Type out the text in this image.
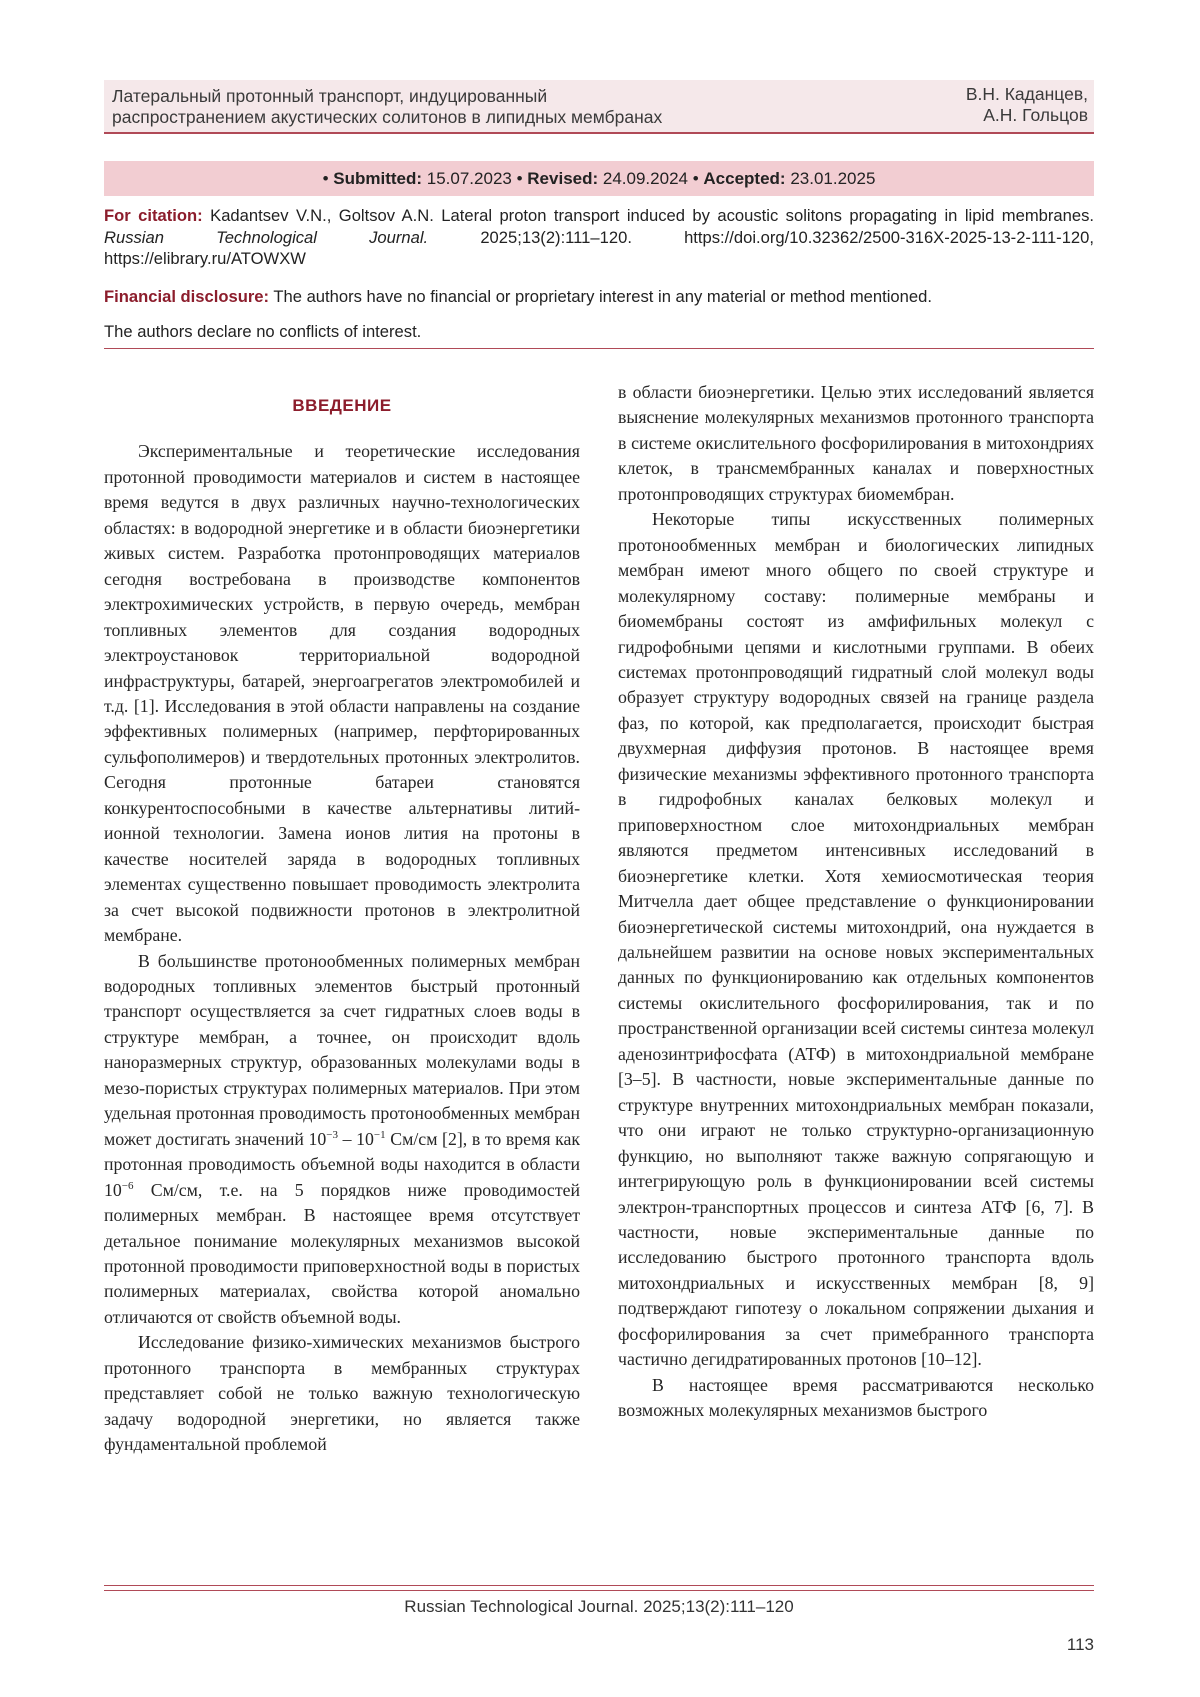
Латеральный протонный транспорт, индуцированный
распространением акустических солитонов в липидных мембранах
В.Н. Каданцев,
А.Н. Гольцов
•
Submitted:
15.07.2023
•
Revised:
24.09.2024
•
Accepted:
23.01.2025
For citation: Kadantsev V.N., Goltsov A.N. Lateral proton transport induced by acoustic solitons propagating in lipid membranes. Russian Technological Journal.	2025;13(2):111–120. https://doi.org/10.32362/2500-316X-2025-13-2-111-120, https://elibrary.ru/ATOWXW
Financial disclosure: The authors have no financial or proprietary interest in any material or method mentioned.
The authors declare no conflicts of interest.
ВВЕДЕНИЕ

Экспериментальные и теоретические исследования протонной проводимости материалов и систем в настоящее время ведутся в двух различных научно-технологических областях: в водородной энергетике и в области биоэнергетики живых систем. Разработка протонпроводящих материалов сегодня востребована в производстве компонентов электрохимических устройств, в первую очередь, мембран топливных элементов для создания водородных электроустановок территориальной водородной инфраструктуры, батарей, энергоагрегатов электромобилей и т.д. [1]. Исследования в этой области направлены на создание эффективных полимерных (например, перфторированных сульфополимеров) и твердотельных протонных электролитов. Сегодня протонные батареи становятся конкурентоспособными в качестве альтернативы литий-ионной технологии. Замена ионов лития на протоны в качестве носителей заряда в водородных топливных элементах существенно повышает проводимость электролита за счет высокой подвижности протонов в электролитной мембране.

В большинстве протонообменных полимерных мембран водородных топливных элементов быстрый протонный транспорт осуществляется за счет гидратных слоев воды в структуре мембран, а точнее, он происходит вдоль наноразмерных структур, образованных молекулами воды в мезо-пористых структурах полимерных материалов. При этом удельная протонная проводимость протонообменных мембран может достигать значений $10^{-3} - 10^{-1}$ См/см [2], в то время как протонная проводимость объемной воды находится в области $10^{-6}$ См/см, т.е. на 5 порядков ниже проводимостей полимерных мембран. В настоящее время отсутствует детальное понимание молекулярных механизмов высокой протонной проводимости приповерхностной воды в пористых полимерных материалах, свойства которой аномально отличаются от свойств объемной воды.

Исследование физико-химических механизмов быстрого протонного транспорта в мембранных структурах представляет собой не только важную технологическую задачу водородной энергетики, но является также фундаментальной проблемой

в области биоэнергетики. Целью этих исследований является выяснение молекулярных механизмов протонного транспорта в системе окислительного фосфорилирования в митохондриях клеток, в трансмембранных каналах и поверхностных протонпроводящих структурах биомембран.

Некоторые типы искусственных полимерных протонообменных мембран и биологических липидных мембран имеют много общего по своей структуре и молекулярному составу: полимерные мембраны и биомембраны состоят из амфифильных молекул с гидрофобными цепями и кислотными группами. В обеих системах протонпроводящий гидратный слой молекул воды образует структуру водородных связей на границе раздела фаз, по которой, как предполагается, происходит быстрая двухмерная диффузия протонов. В настоящее время физические механизмы эффективного протонного транспорта в гидрофобных каналах белковых молекул и приповерхностном слое митохондриальных мембран являются предметом интенсивных исследований в биоэнергетике клетки. Хотя хемиосмотическая теория Митчелла дает общее представление о функционировании биоэнергетической системы митохондрий, она нуждается в дальнейшем развитии на основе новых экспериментальных данных по функционированию как отдельных компонентов системы окислительного фосфорилирования, так и по пространственной организации всей системы синтеза молекул аденозинтрифосфата (АТФ) в митохондриальной мембране [3–5]. В частности, новые экспериментальные данные по структуре внутренних митохондриальных мембран показали, что они играют не только структурно-организационную функцию, но выполняют также важную сопрягающую и интегрирующую роль в функционировании всей системы электрон-транспортных процессов и синтеза АТФ [6, 7]. В частности, новые экспериментальные данные по исследованию быстрого протонного транспорта вдоль митохондриальных и искусственных мембран [8, 9] подтверждают гипотезу о локальном сопряжении дыхания и фосфорилирования за счет примебранного транспорта частично дегидратированных протонов [10–12].

В настоящее время рассматриваются несколько возможных молекулярных механизмов быстрого

Russian Technological Journal. 2025;13(2):111–120
113
